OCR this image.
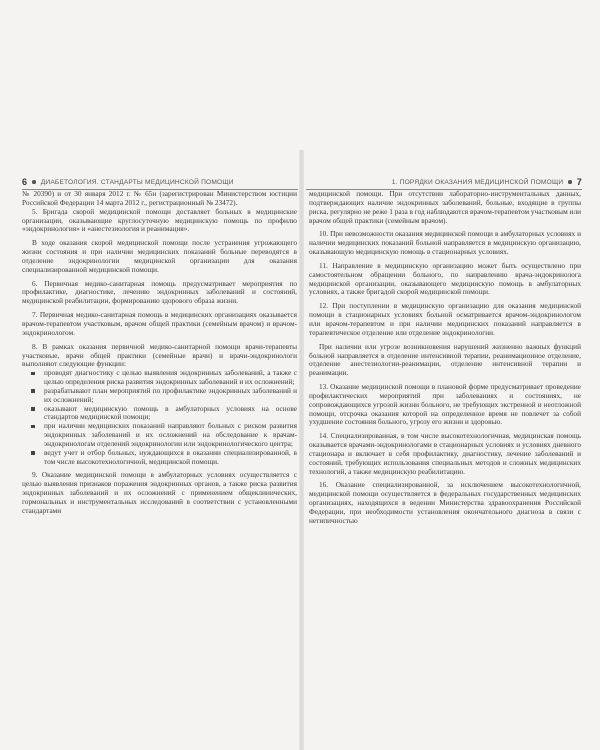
6 ДИАБЕТОЛОГИЯ. СТАНДАРТЫ МЕДИЦИНСКОЙ ПОМОЩИ

№ 20390) и от 30 января 2012 г. № 65н (зарегистрирован Министерством юстиции Российской Федерации 14 марта 2012 г., регистрационный № 23472).

5. Бригада скорой медицинской помощи доставляет больных в медицинские организации, оказывающие круглосуточную медицинскую помощь по профилю «эндокринология» и «анестезиология и реанимация».

В ходе оказания скорой медицинской помощи после устранения угрожающего жизни состояния и при наличии медицинских показаний больные переводятся в отделение эндокринологии медицинской организации для оказания специализированной медицинской помощи.

6. Первичная медико-санитарная помощь предусматривает мероприятия по профилактике, диагностике, лечению эндокринных заболеваний и состояний, медицинской реабилитации, формированию здорового образа жизни.

7. Первичная медико-санитарная помощь в медицинских организациях оказывается врачом-терапевтом участковым, врачом общей практики (семейным врачом) и врачом-эндокринологом.

8. В рамках оказания первичной медико-санитарной помощи врачи-терапевты участковые, врачи общей практики (семейные врачи) и врачи-эндокринологи выполняют следующие функции:

проводят диагностику с целью выявления эндокринных заболеваний, а также с целью определения риска развития эндокринных заболеваний и их осложнений;
разрабатывают план мероприятий по профилактике эндокринных заболеваний и их осложнений;
оказывают медицинскую помощь в амбулаторных условиях на основе стандартов медицинской помощи;
при наличии медицинских показаний направляют больных с риском развития эндокринных заболеваний и их осложнений на обследование к врачам-эндокринологам отделений эндокринологии или эндокринологического центра;
ведут учет и отбор больных, нуждающихся в оказании специализированной, в том числе высокотехнологичной, медицинской помощи.

9. Оказание медицинской помощи в амбулаторных условиях осуществляется с целью выявления признаков поражения эндокринных органов, а также риска развития эндокринных заболеваний и их осложнений с применением общеклинических, гормональных и инструментальных исследований в соответствии с установленными стандартами

1. ПОРЯДКИ ОКАЗАНИЯ МЕДИЦИНСКОЙ ПОМОЩИ 7

медицинской помощи. При отсутствии лабораторно-инструментальных данных, подтверждающих наличие эндокринных заболеваний, больные, входящие в группы риска, регулярно не реже 1 раза в год наблюдаются врачом-терапевтом участковым или врачом общей практики (семейным врачом).

10. При невозможности оказания медицинской помощи в амбулаторных условиях и наличии медицинских показаний больной направляется в медицинскую организацию, оказывающую медицинскую помощь в стационарных условиях.

11. Направление в медицинскую организацию может быть осуществлено при самостоятельном обращении больного, по направлению врача-эндокринолога медицинской организации, оказывающего медицинскую помощь в амбулаторных условиях, а также бригадой скорой медицинской помощи.

12. При поступлении в медицинскую организацию для оказания медицинской помощи в стационарных условиях больной осматривается врачом-эндокринологом или врачом-терапевтом и при наличии медицинских показаний направляется в терапевтическое отделение или отделение эндокринологии.

При наличии или угрозе возникновения нарушений жизненно важных функций больной направляется в отделение интенсивной терапии, реанимационное отделение, отделение анестезиологии-реанимации, отделение интенсивной терапии и реанимации.

13. Оказание медицинской помощи в плановой форме предусматривает проведение профилактических мероприятий при заболеваниях и состояниях, не сопровождающихся угрозой жизни больного, не требующих экстренной и неотложной помощи, отсрочка оказания которой на определенное время не повлечет за собой ухудшение состояния больного, угрозу его жизни и здоровью.

14. Специализированная, в том числе высокотехнологичная, медицинская помощь оказывается врачами-эндокринологами в стационарных условиях и условиях дневного стационара и включает в себя профилактику, диагностику, лечение заболеваний и состояний, требующих использования специальных методов и сложных медицинских технологий, а также медицинскую реабилитацию.

16. Оказание специализированной, за исключением высокотехнологичной, медицинской помощи осуществляется в федеральных государственных медицинских организациях, находящихся в ведении Министерства здравоохранения Российской Федерации, при необходимости установления окончательного диагноза в связи с нетипичностью
